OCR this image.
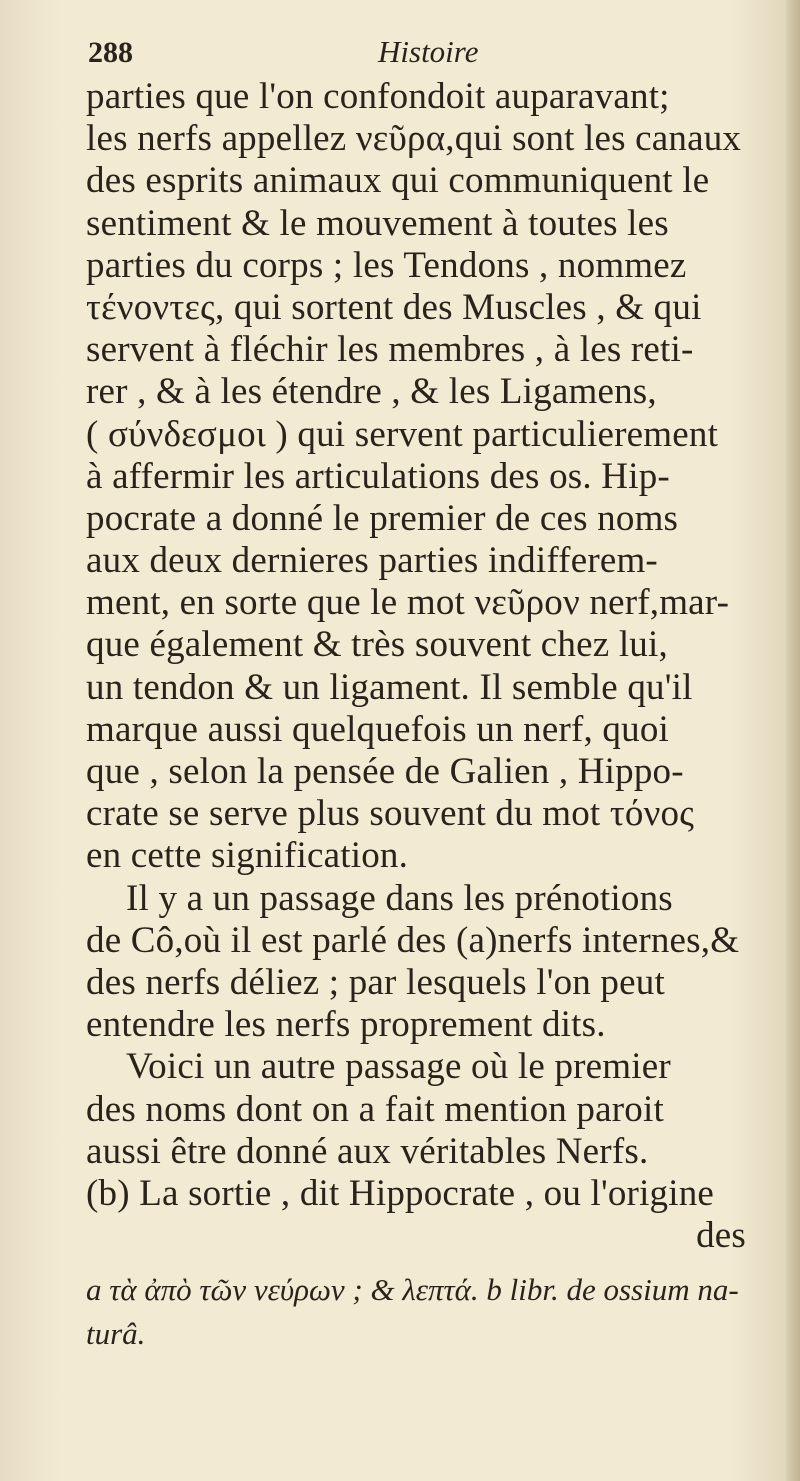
288	Histoire
parties que l'on confondoit auparavant;
les nerfs appellez νεῦρα,qui sont les canaux
des esprits animaux qui communiquent le
sentiment & le mouvement à toutes les
parties du corps ; les Tendons , nommez
τένοντες, qui sortent des Muscles , & qui
servent à fléchir les membres , à les reti-
rer , & à les étendre , & les Ligamens,
( σύνδεσμοι ) qui servent particulierement
à affermir les articulations des os. Hip-
pocrate a donné le premier de ces noms
aux deux dernieres parties indifferem-
ment, en sorte que le mot νεῦρον nerf,mar-
que également & très souvent chez lui,
un tendon & un ligament. Il semble qu'il
marque aussi quelquefois un nerf, quoi
que , selon la pensée de Galien , Hippo-
crate se serve plus souvent du mot τόνος
en cette signification.
Il y a un passage dans les prénotions
de Cô,où il est parlé des (a)nerfs internes,&
des nerfs déliez ; par lesquels l'on peut
entendre les nerfs proprement dits.
Voici un autre passage où le premier
des noms dont on a fait mention paroit
aussi être donné aux véritables Nerfs.
(b) La sortie , dit Hippocrate , ou l'origine
des
a τὰ ἀπὸ τῶν νεύρων ; & λεπτά. b libr. de ossium na-
turâ.
